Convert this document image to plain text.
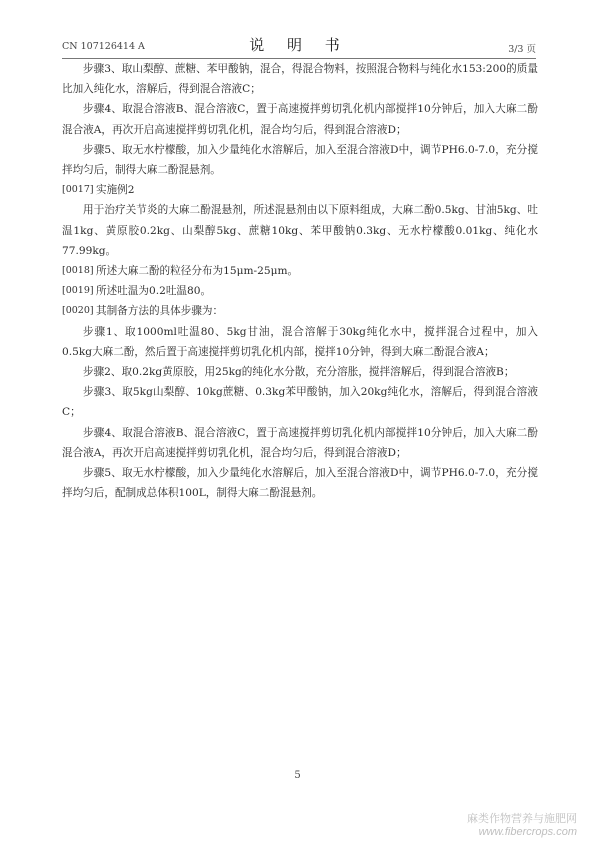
CN 107126414 A	说 明 书	3/3 页

步骤3、取山梨醇、蔗糖、苯甲酸钠，混合，得混合物料，按照混合物料与纯化水153:200的质量比加入纯化水，溶解后，得到混合溶液C；

步骤4、取混合溶液B、混合溶液C，置于高速搅拌剪切乳化机内部搅拌10分钟后，加入大麻二酚混合液A，再次开启高速搅拌剪切乳化机，混合均匀后，得到混合溶液D；

步骤5、取无水柠檬酸，加入少量纯化水溶解后，加入至混合溶液D中，调节PH6.0-7.0，充分搅拌均匀后，制得大麻二酚混悬剂。

[0017] 实施例2

用于治疗关节炎的大麻二酚混悬剂，所述混悬剂由以下原料组成，大麻二酚0.5kg、甘油5kg、吐温1kg、黄原胶0.2kg、山梨醇5kg、蔗糖10kg、苯甲酸钠0.3kg、无水柠檬酸0.01kg、纯化水77.99kg。

[0018] 所述大麻二酚的粒径分布为15μm-25μm。
[0019] 所述吐温为0.2吐温80。
[0020] 其制备方法的具体步骤为：

步骤1、取1000ml吐温80、5kg甘油，混合溶解于30kg纯化水中，搅拌混合过程中，加入0.5kg大麻二酚，然后置于高速搅拌剪切乳化机内部，搅拌10分钟，得到大麻二酚混合液A；

步骤2、取0.2kg黄原胶，用25kg的纯化水分散，充分溶胀，搅拌溶解后，得到混合溶液B；

步骤3、取5kg山梨醇、10kg蔗糖、0.3kg苯甲酸钠，加入20kg纯化水，溶解后，得到混合溶液C；

步骤4、取混合溶液B、混合溶液C，置于高速搅拌剪切乳化机内部搅拌10分钟后，加入大麻二酚混合液A，再次开启高速搅拌剪切乳化机，混合均匀后，得到混合溶液D；

步骤5、取无水柠檬酸，加入少量纯化水溶解后，加入至混合溶液D中，调节PH6.0-7.0，充分搅拌均匀后，配制成总体积100L，制得大麻二酚混悬剂。

5
麻类作物营养与施肥网
www.fibercrops.com
